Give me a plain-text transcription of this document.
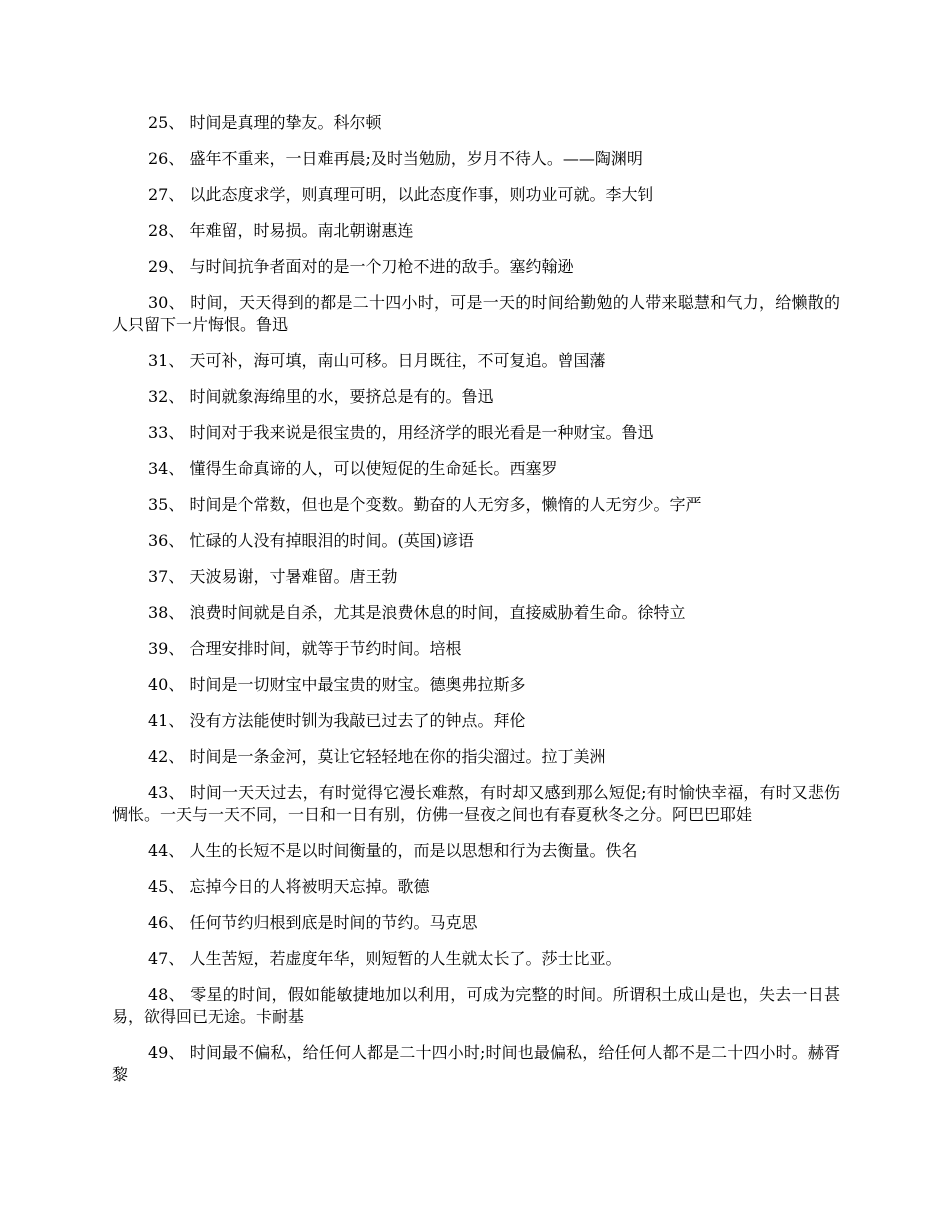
25、 时间是真理的挚友。科尔顿

26、 盛年不重来，一日难再晨;及时当勉励，岁月不待人。——陶渊明

27、 以此态度求学，则真理可明，以此态度作事，则功业可就。李大钊

28、 年难留，时易损。南北朝谢惠连

29、 与时间抗争者面对的是一个刀枪不进的敌手。塞约翰逊

30、 时间，天天得到的都是二十四小时，可是一天的时间给勤勉的人带来聪慧和气力，给懒散的人只留下一片悔恨。鲁迅

31、 天可补，海可填，南山可移。日月既往，不可复追。曾国藩

32、 时间就象海绵里的水，要挤总是有的。鲁迅

33、 时间对于我来说是很宝贵的，用经济学的眼光看是一种财宝。鲁迅

34、 懂得生命真谛的人，可以使短促的生命延长。西塞罗

35、 时间是个常数，但也是个变数。勤奋的人无穷多，懒惰的人无穷少。字严

36、 忙碌的人没有掉眼泪的时间。(英国)谚语

37、 天波易谢，寸暑难留。唐王勃

38、 浪费时间就是自杀，尤其是浪费休息的时间，直接威胁着生命。徐特立

39、 合理安排时间，就等于节约时间。培根

40、 时间是一切财宝中最宝贵的财宝。德奥弗拉斯多

41、 没有方法能使时钏为我敲已过去了的钟点。拜伦

42、 时间是一条金河，莫让它轻轻地在你的指尖溜过。拉丁美洲

43、 时间一天天过去，有时觉得它漫长难熬，有时却又感到那么短促;有时愉快幸福，有时又悲伤惆怅。一天与一天不同，一日和一日有别，仿佛一昼夜之间也有春夏秋冬之分。阿巴巴耶娃

44、 人生的长短不是以时间衡量的，而是以思想和行为去衡量。佚名

45、 忘掉今日的人将被明天忘掉。歌德

46、 任何节约归根到底是时间的节约。马克思

47、 人生苦短，若虚度年华，则短暂的人生就太长了。莎士比亚。

48、 零星的时间，假如能敏捷地加以利用，可成为完整的时间。所谓积土成山是也，失去一日甚易，欲得回已无途。卡耐基

49、 时间最不偏私，给任何人都是二十四小时;时间也最偏私，给任何人都不是二十四小时。赫胥黎
